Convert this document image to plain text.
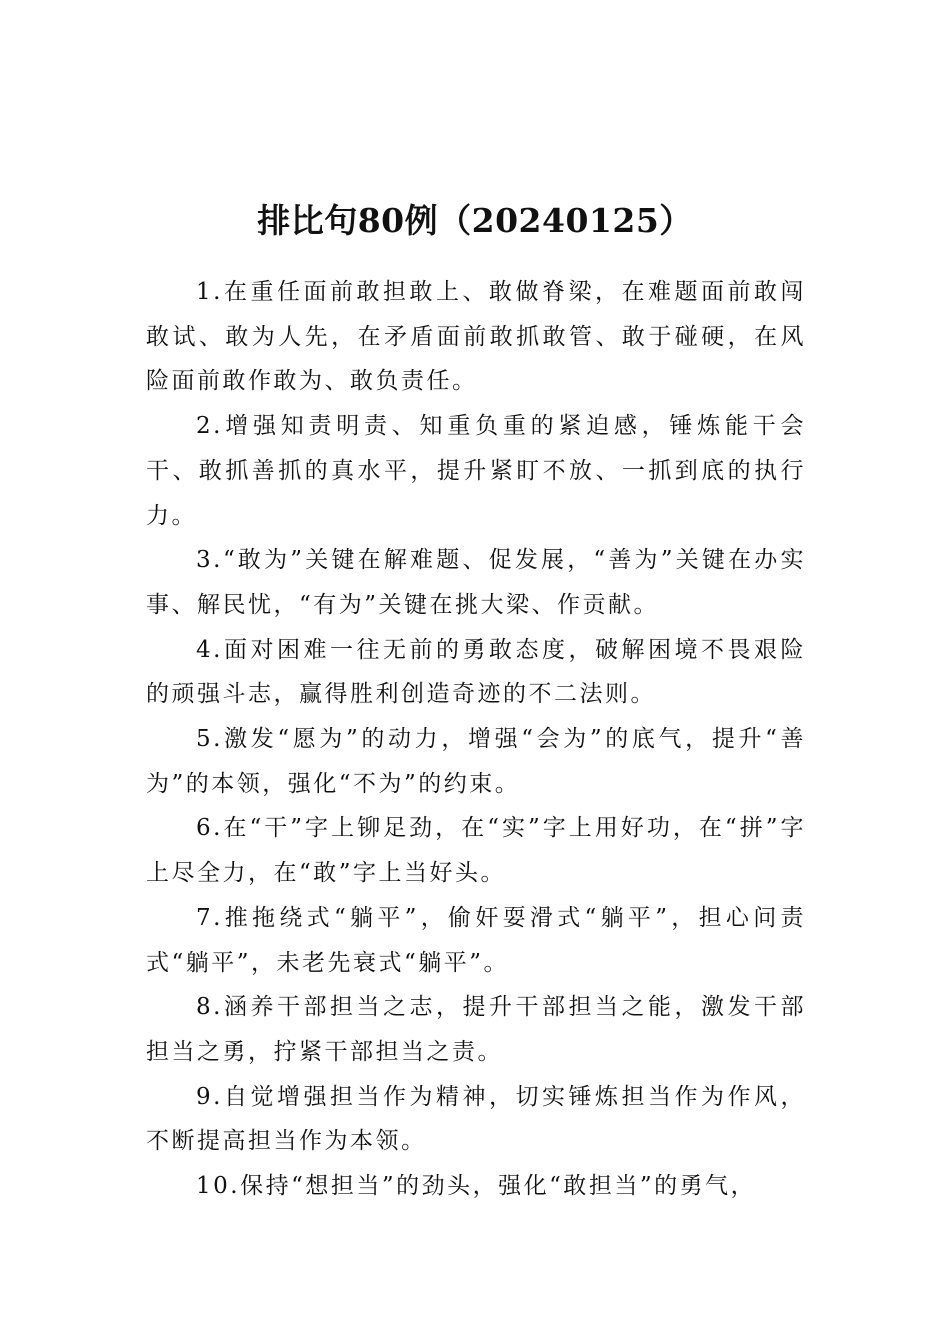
排比句80例（20240125）

1.在重任面前敢担敢上、敢做脊梁，在难题面前敢闯敢试、敢为人先，在矛盾面前敢抓敢管、敢于碰硬，在风险面前敢作敢为、敢负责任。

2.增强知责明责、知重负重的紧迫感，锤炼能干会干、敢抓善抓的真水平，提升紧盯不放、一抓到底的执行力。

3.“敢为”关键在解难题、促发展，“善为”关键在办实事、解民忧，“有为”关键在挑大梁、作贡献。

4.面对困难一往无前的勇敢态度，破解困境不畏艰险的顽强斗志，赢得胜利创造奇迹的不二法则。

5.激发“愿为”的动力，增强“会为”的底气，提升“善为”的本领，强化“不为”的约束。

6.在“干”字上铆足劲，在“实”字上用好功，在“拼”字上尽全力，在“敢”字上当好头。

7.推拖绕式“躺平”，偷奸耍滑式“躺平”，担心问责式“躺平”，未老先衰式“躺平”。

8.涵养干部担当之志，提升干部担当之能，激发干部担当之勇，拧紧干部担当之责。

9.自觉增强担当作为精神，切实锤炼担当作为作风，不断提高担当作为本领。

10.保持“想担当”的劲头，强化“敢担当”的勇气，
